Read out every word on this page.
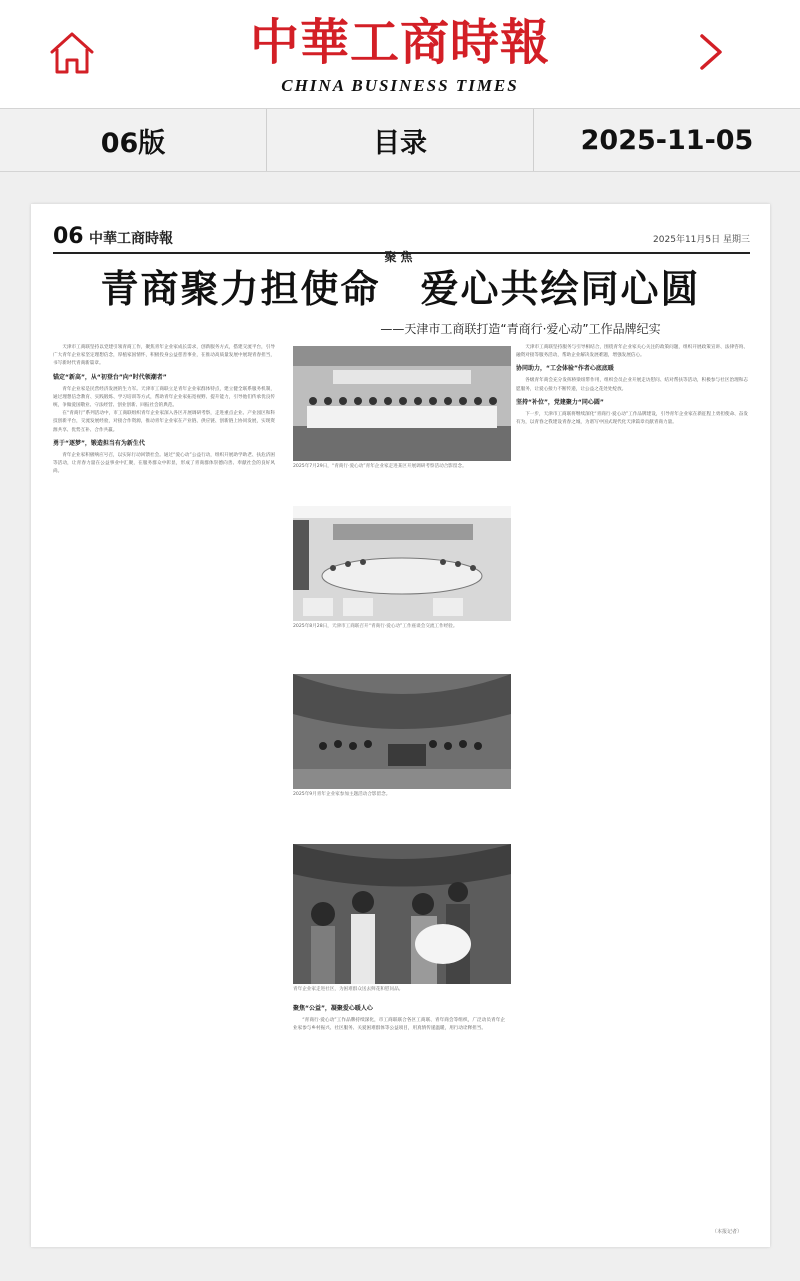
中華工商時報
CHINA BUSINESS TIMES
06版	目录	2025-11-05
06 中華工商時報	2025年11月5日 星期三
聚焦
青商聚力担使命　爱心共绘同心圆
——天津市工商联打造“青商行·爱心动”工作品牌纪实

天津市工商联坚持以党建引领青商工作，聚焦青年企业家成长需求，创新服务方式，搭建交流平台，引导广大青年企业家坚定理想信念，厚植家国情怀，积极投身公益慈善事业，在推动高质量发展中展现青春担当，书写新时代青商新篇章。

锚定“新高”，从“初登台”向“时代领潮者”

青年企业家是民营经济发展的生力军。天津市工商联立足青年企业家群体特点，建立健全联系服务机制，通过理想信念教育、实践锻炼、学习培训等方式，帮助青年企业家拓宽视野、提升能力，引导他们传承优良传统，争做爱国敬业、守法经营、创业创新、回报社会的典范。

在“青商行”系列活动中，市工商联组织青年企业家深入各区开展调研考察，走进重点企业、产业园区和科技创新平台，交流发展经验，对接合作资源，推动青年企业家在产业链、供应链、创新链上协同发展，实现资源共享、优势互补、合作共赢。

勇于“逐梦”，锻造担当有为新生代

青年企业家积极响应号召，以实际行动回馈社会。通过“爱心动”公益行动，组织开展助学助老、扶危济困等活动，让青春力量在公益事业中汇聚，在服务群众中彰显，形成了青商群体崇德向善、奉献社会的良好风尚。

2025年7月29日，“青商行·爱心动”青年企业家走进某区开展调研考察活动合影留念。
2025年8月28日，天津市工商联召开“青商行·爱心动”工作座谈会交流工作经验。
2025年9月青年企业家参加主题活动合影留念。
青年企业家走进社区，为困难群众送去鲜花和慰问品。

聚焦“公益”，凝聚爱心暖人心

“青商行·爱心动”工作品牌持续深化，市工商联联合各区工商联、青年商会等组织，广泛动员青年企业家参与乡村振兴、社区服务、关爱困难群体等公益项目，用真情传递温暖，用行动诠释担当。

天津市工商联坚持服务与引导相结合，围绕青年企业家关心关注的政策问题，组织开展政策宣讲、法律咨询、融资对接等服务活动，帮助企业解决发展难题，增强发展信心。

协同助力，“工会体验”作者心底底暖

各级青年商会充分发挥桥梁纽带作用，组织会员企业开展走访慰问、结对帮扶等活动，积极参与社区治理和志愿服务，让爱心接力不断传递，让公益之花处处绽放。

坚持“补位”，党建聚力“同心圆”

下一步，天津市工商联将继续深化“青商行·爱心动”工作品牌建设，引导青年企业家在新征程上勇担使命、奋发有为，以青春之我建设青春之城，为谱写中国式现代化天津篇章贡献青商力量。

（本报记者）
